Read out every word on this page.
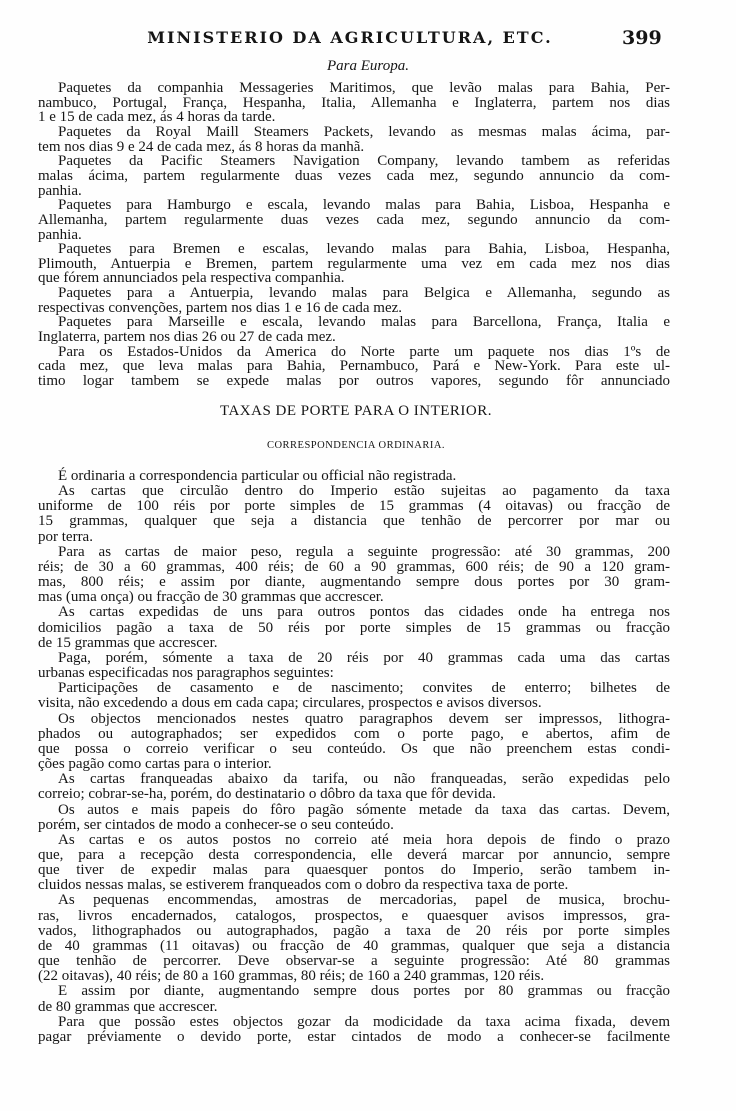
MINISTERIO DA AGRICULTURA, ETC.	399
Para Europa.
Paquetes da companhia Messageries Maritimos, que levão malas para Bahia, Per-
nambuco, Portugal, França, Hespanha, Italia, Allemanha e Inglaterra, partem nos dias
1 e 15 de cada mez, ás 4 horas da tarde.
Paquetes da Royal Maill Steamers Packets, levando as mesmas malas ácima, par-
tem nos dias 9 e 24 de cada mez, ás 8 horas da manhã.
Paquetes da Pacific Steamers Navigation Company, levando tambem as referidas
malas ácima, partem regularmente duas vezes cada mez, segundo annuncio da com-
panhia.
Paquetes para Hamburgo e escala, levando malas para Bahia, Lisboa, Hespanha e
Allemanha, partem regularmente duas vezes cada mez, segundo annuncio da com-
panhia.
Paquetes para Bremen e escalas, levando malas para Bahia, Lisboa, Hespanha,
Plimouth, Antuerpia e Bremen, partem regularmente uma vez em cada mez nos dias
que fórem annunciados pela respectiva companhia.
Paquetes para a Antuerpia, levando malas para Belgica e Allemanha, segundo as
respectivas convenções, partem nos dias 1 e 16 de cada mez.
Paquetes para Marseille e escala, levando malas para Barcellona, França, Italia e
Inglaterra, partem nos dias 26 ou 27 de cada mez.
Para os Estados-Unidos da America do Norte parte um paquete nos dias 1ºs de
cada mez, que leva malas para Bahia, Pernambuco, Pará e New-York. Para este ul-
timo logar tambem se expede malas por outros vapores, segundo fôr annunciado
TAXAS DE PORTE PARA O INTERIOR.
CORRESPONDENCIA ORDINARIA.
É ordinaria a correspondencia particular ou official não registrada.
As cartas que circulão dentro do Imperio estão sujeitas ao pagamento da taxa
uniforme de 100 réis por porte simples de 15 grammas (4 oitavas) ou fracção de
15 grammas, qualquer que seja a distancia que tenhão de percorrer por mar ou
por terra.
Para as cartas de maior peso, regula a seguinte progressão: até 30 grammas, 200
réis; de 30 a 60 grammas, 400 réis; de 60 a 90 grammas, 600 réis; de 90 a 120 gram-
mas, 800 réis; e assim por diante, augmentando sempre dous portes por 30 gram-
mas (uma onça) ou fracção de 30 grammas que accrescer.
As cartas expedidas de uns para outros pontos das cidades onde ha entrega nos
domicilios pagão a taxa de 50 réis por porte simples de 15 grammas ou fracção
de 15 grammas que accrescer.
Paga, porém, sómente a taxa de 20 réis por 40 grammas cada uma das cartas
urbanas especificadas nos paragraphos seguintes:
Participações de casamento e de nascimento; convites de enterro; bilhetes de
visita, não excedendo a dous em cada capa; circulares, prospectos e avisos diversos.
Os objectos mencionados nestes quatro paragraphos devem ser impressos, lithogra-
phados ou autographados; ser expedidos com o porte pago, e abertos, afim de
que possa o correio verificar o seu conteúdo. Os que não preenchem estas condi-
ções pagão como cartas para o interior.
As cartas franqueadas abaixo da tarifa, ou não franqueadas, serão expedidas pelo
correio; cobrar-se-ha, porém, do destinatario o dôbro da taxa que fôr devida.
Os autos e mais papeis do fôro pagão sómente metade da taxa das cartas. Devem,
porém, ser cintados de modo a conhecer-se o seu conteúdo.
As cartas e os autos postos no correio até meia hora depois de findo o prazo
que, para a recepção desta correspondencia, elle deverá marcar por annuncio, sempre
que tiver de expedir malas para quaesquer pontos do Imperio, serão tambem in-
cluidos nessas malas, se estiverem franqueados com o dobro da respectiva taxa de porte.
As pequenas encommendas, amostras de mercadorias, papel de musica, brochu-
ras, livros encadernados, catalogos, prospectos, e quaesquer avisos impressos, gra-
vados, lithographados ou autographados, pagão a taxa de 20 réis por porte simples
de 40 grammas (11 oitavas) ou fracção de 40 grammas, qualquer que seja a distancia
que tenhão de percorrer. Deve observar-se a seguinte progressão: Até 80 grammas
(22 oitavas), 40 réis; de 80 a 160 grammas, 80 réis; de 160 a 240 grammas, 120 réis.
E assim por diante, augmentando sempre dous portes por 80 grammas ou fracção
de 80 grammas que accrescer.
Para que possão estes objectos gozar da modicidade da taxa acima fixada, devem
pagar préviamente o devido porte, estar cintados de modo a conhecer-se facilmente
